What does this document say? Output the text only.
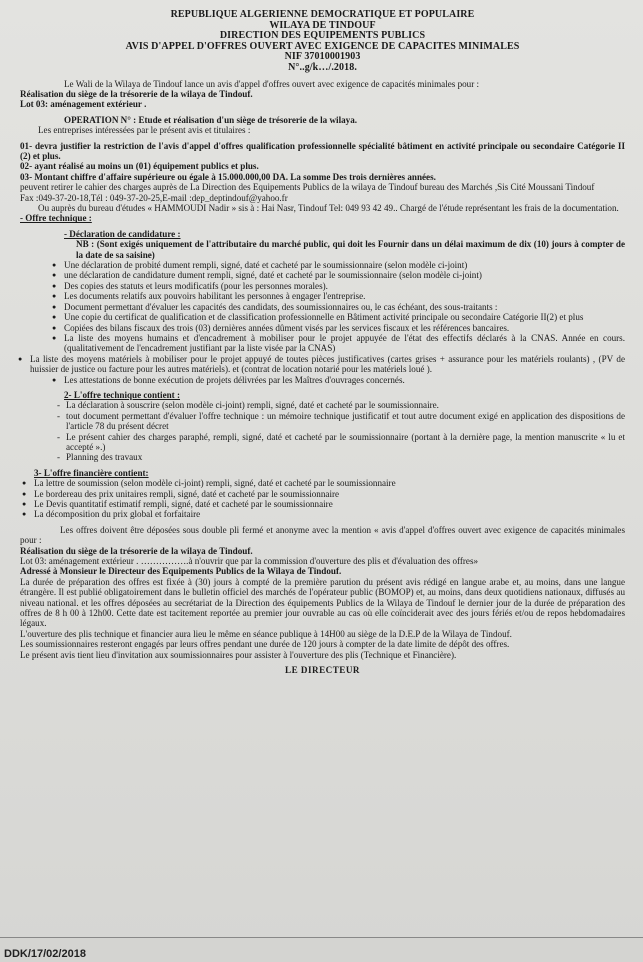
REPUBLIQUE ALGERIENNE DEMOCRATIQUE ET POPULAIRE
WILAYA DE TINDOUF
DIRECTION DES EQUIPEMENTS PUBLICS
AVIS D'APPEL D'OFFRES OUVERT AVEC EXIGENCE DE CAPACITES MINIMALES
NIF 37010001903
N°..g/k…/.2018.

Le Wali de la Wilaya de Tindouf lance un avis d'appel d'offres ouvert avec exigence de capacités minimales pour :

Réalisation du siège de la trésorerie de la wilaya de Tindouf.

Lot 03: aménagement extérieur .

OPERATION N° : Etude et réalisation d'un siège de trésorerie de la wilaya.

Les entreprises intéressées par le présent avis et titulaires :

01- devra justifier la restriction de l'avis d'appel d'offres qualification professionnelle spécialité bâtiment en activité principale ou secondaire Catégorie II (2) et plus.

02- ayant réalisé au moins un (01) équipement publics et plus.

03- Montant chiffre d'affaire supérieure ou égale à 15.000.000,00 DA. La somme Des trois dernières années.

peuvent retirer le cahier des charges auprès de La Direction des Equipements Publics de la wilaya de Tindouf bureau des Marchés ,Sis Cité Moussani Tindouf

Fax :049-37-20-18,Tél : 049-37-20-25,E-mail :dep_deptindouf@yahoo.fr

Ou auprès du bureau d'études « HAMMOUDI Nadir » sis à : Hai Nasr, Tindouf Tel: 049 93 42 49.. Chargé de l'étude représentant les frais de la documentation.

- Offre technique :

- Déclaration de candidature :

NB : (Sont exigés uniquement de l'attributaire du marché public, qui doit les Fournir dans un délai maximum de dix (10) jours à compter de la date de sa saisine)

● Une déclaration de probité dument rempli, signé, daté et cacheté par le soumissionnaire (selon modèle ci-joint)
● une déclaration de candidature dument rempli, signé, daté et cacheté par le soumissionnaire (selon modèle ci-joint)
● Des copies des statuts et leurs modificatifs (pour les personnes morales).
● Les documents relatifs aux pouvoirs habilitant les personnes à engager l'entreprise.
● Document permettant d'évaluer les capacités des candidats, des soumissionnaires ou, le cas échéant, des sous-traitants :
● Une copie du certificat de qualification et de classification professionnelle en Bâtiment activité principale ou secondaire Catégorie II(2) et plus
● Copiées des bilans fiscaux des trois (03) dernières années dûment visés par les services fiscaux et les références bancaires.
● La liste des moyens humains et d'encadrement à mobiliser pour le projet appuyée de l'état des effectifs déclarés à la CNAS. Année en cours. (qualitativement de l'encadrement justifiant par la liste visée par la CNAS)
● La liste des moyens matériels à mobiliser pour le projet appuyé de toutes pièces justificatives (cartes grises + assurance pour les matériels roulants) , (PV de huissier de justice ou facture pour les autres matériels). et (contrat de location notarié pour les matériels loué ).
● Les attestations de bonne exécution de projets délivrées par les Maîtres d'ouvrages concernés.

2- L'offre technique contient :

- La déclaration à souscrire (selon modèle ci-joint) rempli, signé, daté et cacheté par le soumissionnaire.
- tout document permettant d'évaluer l'offre technique : un mémoire technique justificatif et tout autre document exigé en application des dispositions de l'article 78 du présent décret
- Le présent cahier des charges paraphé, rempli, signé, daté et cacheté par le soumissionnaire (portant à la dernière page, la mention manuscrite « lu et accepté ».)
- Planning des travaux

3- L'offre financière contient:

● La lettre de soumission (selon modèle ci-joint) rempli, signé, daté et cacheté par le soumissionnaire
● Le bordereau des prix unitaires rempli, signé, daté et cacheté par le soumissionnaire
● Le Devis quantitatif estimatif rempli, signé, daté et cacheté par le soumissionnaire
● La décomposition du prix global et forfaitaire

Les offres doivent être déposées sous double pli fermé et anonyme avec la mention « avis d'appel d'offres ouvert avec exigence de capacités minimales pour :

Réalisation du siège de la trésorerie de la wilaya de Tindouf.

Lot 03: aménagement extérieur . …………….à n'ouvrir que par la commission d'ouverture des plis et d'évaluation des offres»

Adressé à Monsieur le Directeur des Equipements Publics de la Wilaya de Tindouf.

La durée de préparation des offres est fixée à (30) jours à compté de la première parution du présent avis rédigé en langue arabe et, au moins, dans une langue étrangère. Il est publié obligatoirement dans le bulletin officiel des marchés de l'opérateur public (BOMOP) et, au moins, dans deux quotidiens nationaux, diffusés au niveau national. et les offres déposées au secrétariat de la Direction des équipements Publics de la Wilaya de Tindouf le dernier jour de la durée de préparation des offres de 8 h 00 à 12h00. Cette date est tacitement reportée au premier jour ouvrable au cas où elle coïnciderait avec des jours fériés et/ou de repos hebdomadaires légaux.

L'ouverture des plis technique et financier aura lieu le même en séance publique à 14H00 au siège de la D.E.P de la Wilaya de Tindouf.

Les soumissionnaires resteront engagés par leurs offres pendant une durée de 120 jours à compter de la date limite de dépôt des offres.

Le présent avis tient lieu d'invitation aux soumissionnaires pour assister à l'ouverture des plis (Technique et Financière).

LE DIRECTEUR

DDK/17/02/2018
